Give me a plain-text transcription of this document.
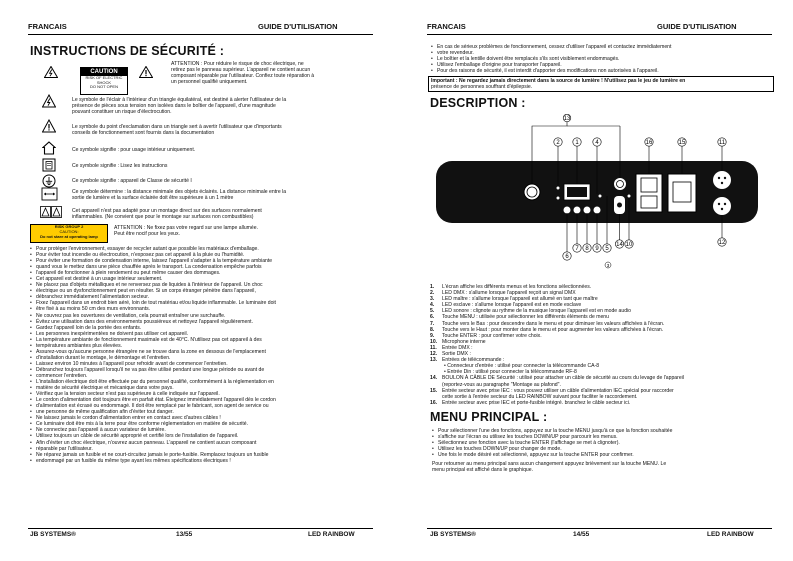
FRANCAIS	GUIDE D'UTILISATION
INSTRUCTIONS DE SÉCURITÉ :
CAUTION
RISK OF ELECTRIC SHOCK
DO NOT OPEN
ATTENTION : Pour réduire le risque de choc électrique, ne
retirez pas le panneau supérieur. L'appareil ne contient aucun
composant réparable par l'utilisateur. Confiez toute réparation à
un personnel qualifié uniquement.
Le symbole de l'éclair à l'intérieur d'un triangle équilatéral, est destiné à alerter l'utilisateur de la
présence de pièces sous tension non isolées dans le boîtier de l'appareil, d'une magnitude
pouvant constituer un risque d'électrocution.
Le symbole du point d'exclamation dans un triangle sert à avertir l'utilisateur que d'importants
conseils de fonctionnement sont fournis dans la documentation
Ce symbole signifie : pour usage intérieur uniquement.
Ce symbole signifie : Lisez les instructions
Ce symbole signifie : appareil de Classe de sécurité I
Ce symbole détermine : la distance minimale des objets éclairés. La distance minimale entre la
sortie de lumière et la surface éclairée doit être supérieure à un 1 mètre
Cet appareil n'est pas adapté pour un montage direct sur des surfaces normalement
inflammables. (Ne convient que pour le montage sur surfaces non combustibles)
RISK GROUP 2
CAUTION:
Do not stare at operating lamp
ATTENTION : Ne fixez pas votre regard sur une lampe allumée.
Peut être nocif pour les yeux.
• Pour protéger l'environnement, essayer de recycler autant que possible les matériaux d'emballage.
• Pour éviter tout incendie ou électrocution, n'exposez pas cet appareil à la pluie ou l'humidité.
• Pour éviter une formation de condensation interne, laissez l'appareil s'adapter à la température ambiante
• quand vous le mettez dans une pièce chauffée après le transport. La condensation empêche parfois
• l'appareil de fonctionner à plein rendement ou peut même causer des dommages.
• Cet appareil est destiné à un usage intérieur seulement.
• Ne placez pas d'objets métalliques et ne renversez pas de liquides à l'intérieur de l'appareil. Un choc
• électrique ou un dysfonctionnement peut en résulter. Si un corps étranger pénètre dans l'appareil,
• débranchez immédiatement l'alimentation secteur.
• Fixez l'appareil dans un endroit bien aéré, loin de tout matériau et/ou liquide inflammable. Le luminaire doit
• être fixé à au moins 50 cm des murs environnants.
• Ne couvrez pas les ouvertures de ventilation, cela pourrait entraîner une surchauffe.
• Évitez une utilisation dans des environnements poussiéreux et nettoyez l'appareil régulièrement.
• Gardez l'appareil loin de la portée des enfants.
• Les personnes inexpérimentées ne doivent pas utiliser cet appareil.
• La température ambiante de fonctionnement maximale est de 40°C. N'utilisez pas cet appareil à des
• températures ambiantes plus élevées.
• Assurez-vous qu'aucune personne étrangère ne se trouve dans la zone en dessous de l'emplacement
• d'installation durant le montage, le démontage et l'entretien.
• Laissez environ 10 minutes à l'appareil pour refroidir avant de commencer l'entretien.
• Débranchez toujours l'appareil lorsqu'il ne va pas être utilisé pendant une longue période ou avant de
• commencer l'entretien.
• L'installation électrique doit être effectuée par du personnel qualifié, conformément à la réglementation en
• matière de sécurité électrique et mécanique dans votre pays.
• Vérifiez que la tension secteur n'est pas supérieure à celle indiquée sur l'appareil.
• Le cordon d'alimentation doit toujours être en parfait état. Éteignez immédiatement l'appareil dès le cordon
• d'alimentation est écrasé ou endommagé. Il doit être remplacé par le fabricant, son agent de service ou
• une personne de même qualification afin d'éviter tout danger.
• Ne laissez jamais le cordon d'alimentation entrer en contact avec d'autres câbles !
• Ce luminaire doit être mis à la terre pour être conforme réglementation en matière de sécurité.
• Ne connectez pas l'appareil à aucun variateur de lumière.
• Utilisez toujours un câble de sécurité approprié et certifié lors de l'installation de l'appareil.
• Afin d'éviter un choc électrique, n'ouvrez aucun panneau. L'appareil ne contient aucun composant
• réparable par l'utilisateur.
• Ne réparez jamais un fusible et ne court-circuitez jamais le porte-fusible. Remplacez toujours un fusible
• endommagé par un fusible du même type ayant les mêmes spécifications électriques !
JB SYSTEMS®	13/55	LED RAINBOW
FRANCAIS	GUIDE D'UTILISATION
• En cas de sérieux problèmes de fonctionnement, cessez d'utiliser l'appareil et contactez immédiatement
• votre revendeur.
• Le boîtier et la lentille doivent être remplacés s'ils sont visiblement endommagés.
• Utilisez l'emballage d'origine pour transporter l'appareil.
• Pour des raisons de sécurité, il est interdit d'apporter des modifications non autorisées à l'appareil.
Important : Ne regardez jamais directement dans la source de lumière ! N'utilisez pas le jeu de lumière en
présence de personnes souffrant d'épilepsie.
DESCRIPTION :
13
2	1	4	16	15	11
7
6
8 9 5
14 10	12
3
1. L'écran affiche les différents menus et les fonctions sélectionnées.
2. LED DMX : s'allume lorsque l'appareil reçoit un signal DMX
3. LED maître : s'allume lorsque l'appareil est allumé en tant que maître
4. LED esclave : s'allume lorsque l'appareil est en mode esclave
5. LED sonore : clignote au rythme de la musique lorsque l'appareil est en mode audio
6. Touche MENU : utilisée pour sélectionner les différents éléments de menu
7. Touche vers le Bas : pour descendre dans le menu et pour diminuer les valeurs affichées à l'écran.
8. Touche vers le Haut : pour monter dans le menu et pour augmenter les valeurs affichées à l'écran.
9. Touche ENTER : pour confirmer votre choix.
10. Microphone interne
11. Entrée DMX :
12. Sortie DMX :
13. Entrées de télécommande :
• Connecteur d'entrée : utilisé pour connecter la télécommande CA-8
• Entrée Din : utilisé pour connecter la télécommande RF-8
14. BOULON À CÂBLE DE Sécurité : utilisé pour attacher un câble de sécurité au cours du levage de l'appareil
(reportez-vous au paragraphe "Montage au plafond".
15. Entrée secteur avec prise IEC : vous pouvez utiliser un câble d'alimentation IEC spécial pour raccorder
cette sortie à l'entrée secteur du LED RAINBOW suivant pour faciliter le raccordement.
16. Entrée secteur avec prise IEC et porte-fusible intégré. branchez le câble secteur ici.
MENU PRINCIPAL :
• Pour sélectionner l'une des fonctions, appuyez sur la touche MENU jusqu'à ce que la fonction souhaitée
• s'affiche sur l'écran ou utilisez les touches DOWN/UP pour parcourir les menus.
• Sélectionnez une fonction avec la touche ENTER (l'affichage se met à clignoter).
• Utilisez les touches DOWN/UP pour changer de mode.
• Une fois le mode désiré est sélectionné, appuyez sur la touche ENTER pour confirmer.
Pour retourner au menu principal sans aucun changement appuyez brièvement sur la touche MENU. Le
menu principal est affiché dans le graphique.
JB SYSTEMS®	14/55	LED RAINBOW
